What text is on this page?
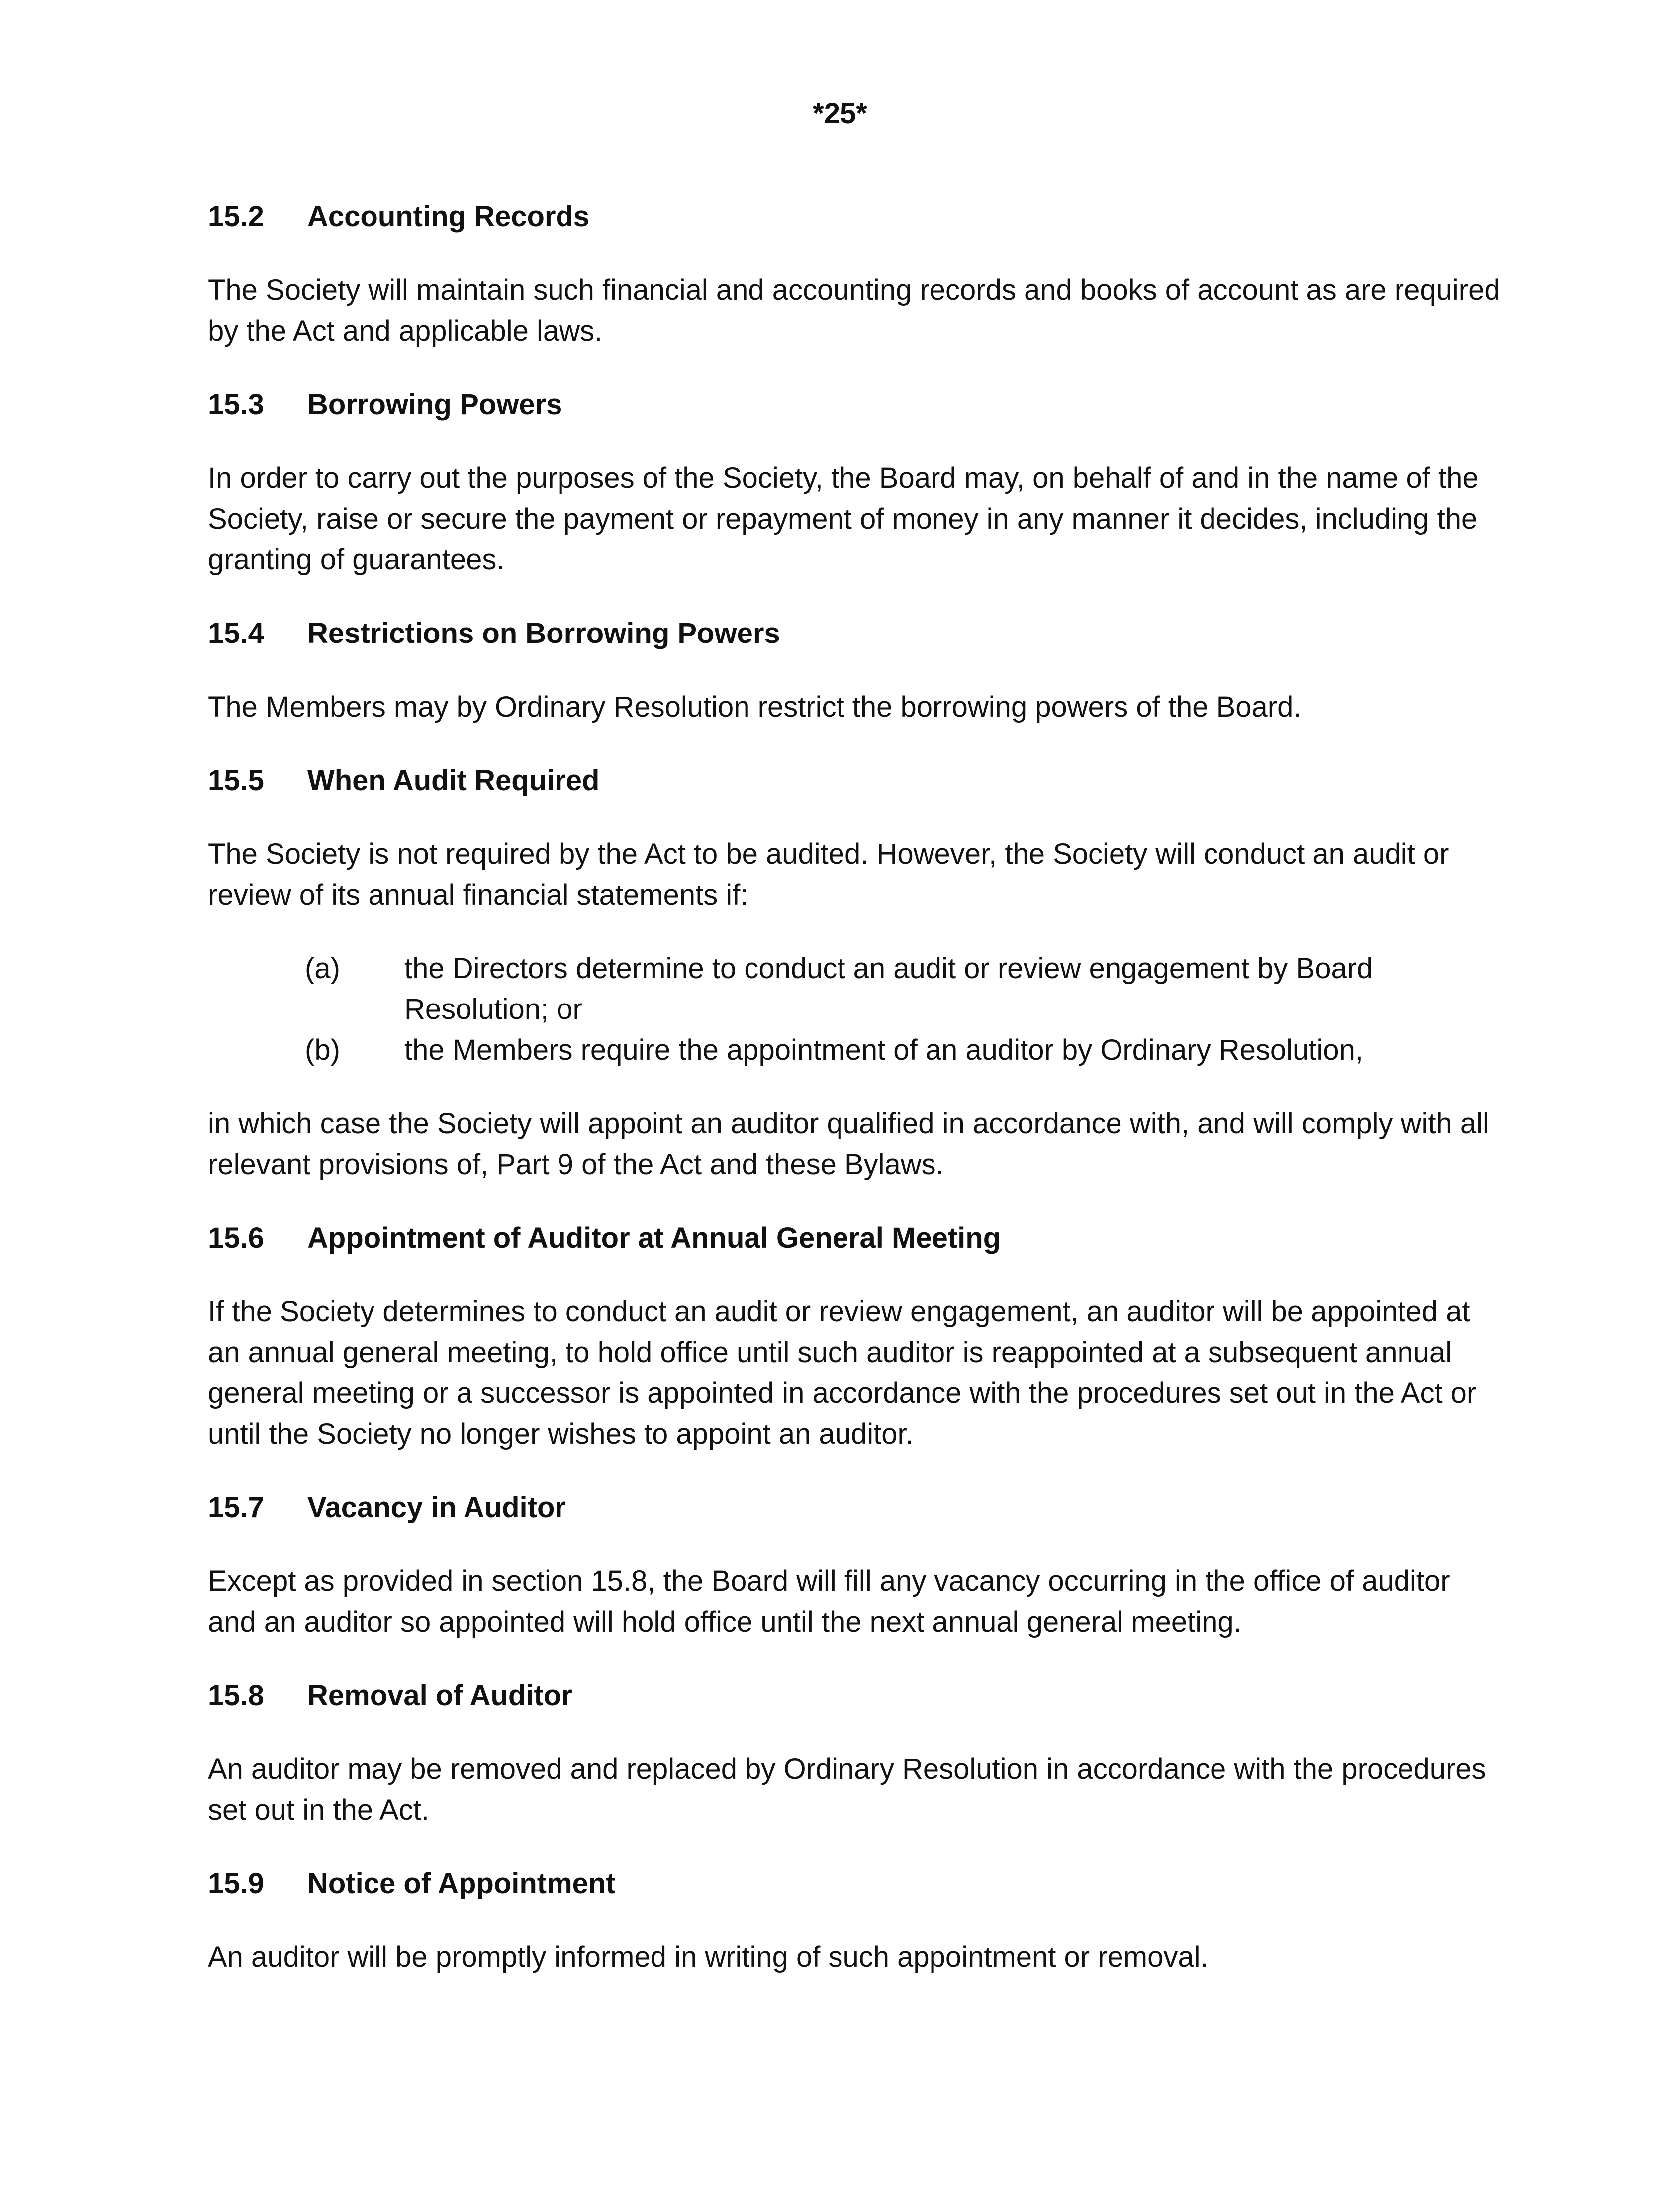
*25*
15.2 Accounting Records

The Society will maintain such financial and accounting records and books of account as are required by the Act and applicable laws.

15.3 Borrowing Powers

In order to carry out the purposes of the Society, the Board may, on behalf of and in the name of the Society, raise or secure the payment or repayment of money in any manner it decides, including the granting of guarantees.

15.4 Restrictions on Borrowing Powers

The Members may by Ordinary Resolution restrict the borrowing powers of the Board.

15.5 When Audit Required

The Society is not required by the Act to be audited. However, the Society will conduct an audit or review of its annual financial statements if:

(a) the Directors determine to conduct an audit or review engagement by Board Resolution; or
(b) the Members require the appointment of an auditor by Ordinary Resolution,

in which case the Society will appoint an auditor qualified in accordance with, and will comply with all relevant provisions of, Part 9 of the Act and these Bylaws.

15.6 Appointment of Auditor at Annual General Meeting

If the Society determines to conduct an audit or review engagement, an auditor will be appointed at an annual general meeting, to hold office until such auditor is reappointed at a subsequent annual general meeting or a successor is appointed in accordance with the procedures set out in the Act or until the Society no longer wishes to appoint an auditor.

15.7 Vacancy in Auditor

Except as provided in section 15.8, the Board will fill any vacancy occurring in the office of auditor and an auditor so appointed will hold office until the next annual general meeting.

15.8 Removal of Auditor

An auditor may be removed and replaced by Ordinary Resolution in accordance with the procedures set out in the Act.

15.9 Notice of Appointment

An auditor will be promptly informed in writing of such appointment or removal.
